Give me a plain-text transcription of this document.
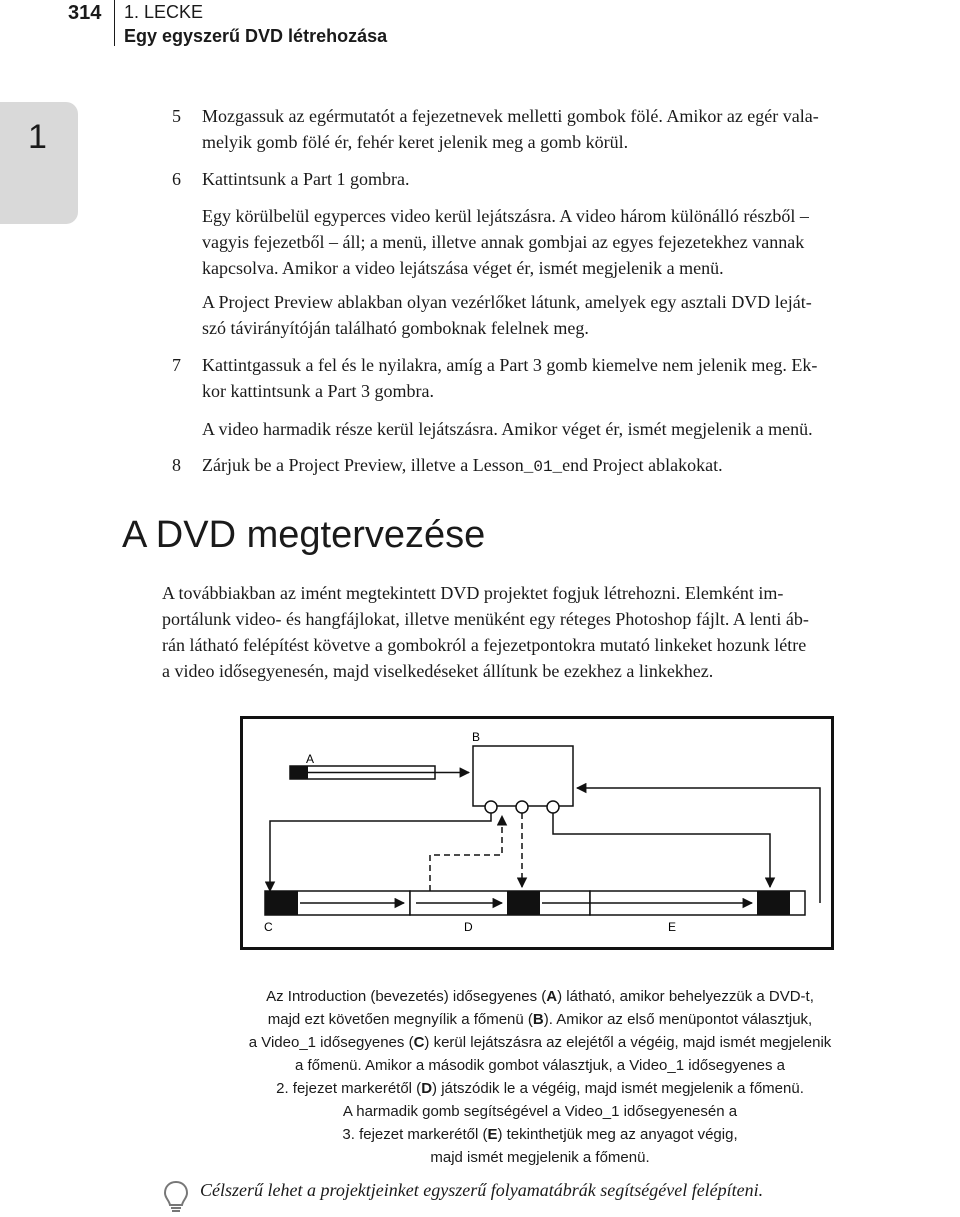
314 1. LECKE
Egy egyszerű DVD létrehozása
1
5 Mozgassuk az egérmutatót a fejezetnevek melletti gombok fölé. Amikor az egér vala-
melyik gomb fölé ér, fehér keret jelenik meg a gomb körül.
6 Kattintsunk a Part 1 gombra.
Egy körülbelül egyperces video kerül lejátszásra. A video három különálló részből –
vagyis fejezetből – áll; a menü, illetve annak gombjai az egyes fejezetekhez vannak
kapcsolva. Amikor a video lejátszása véget ér, ismét megjelenik a menü.
A Project Preview ablakban olyan vezérlőket látunk, amelyek egy asztali DVD leját-
szó távirányítóján található gomboknak felelnek meg.
7 Kattintgassuk a fel és le nyilakra, amíg a Part 3 gomb kiemelve nem jelenik meg. Ek-
kor kattintsunk a Part 3 gombra.
A video harmadik része kerül lejátszásra. Amikor véget ér, ismét megjelenik a menü.
8 Zárjuk be a Project Preview, illetve a Lesson_01_end Project ablakokat.
A DVD megtervezése
A továbbiakban az imént megtekintett DVD projektet fogjuk létrehozni. Elemként im-
portálunk video- és hangfájlokat, illetve menüként egy réteges Photoshop fájlt. A lenti áb-
rán látható felépítést követve a gombokról a fejezetpontokra mutató linkeket hozunk létre
a video idősegyenesén, majd viselkedéseket állítunk be ezekhez a linkekhez.
A
B
C	D	E
Az Introduction (bevezetés) idősegyenes (A) látható, amikor behelyezzük a DVD-t,
majd ezt követően megnyílik a főmenü (B). Amikor az első menüpontot választjuk,
a Video_1 idősegyenes (C) kerül lejátszásra az elejétől a végéig, majd ismét megjelenik
a főmenü. Amikor a második gombot választjuk, a Video_1 idősegyenes a
2. fejezet markerétől (D) játszódik le a végéig, majd ismét megjelenik a főmenü.
A harmadik gomb segítségével a Video_1 idősegyenesén a
3. fejezet markerétől (E) tekinthetjük meg az anyagot végig,
majd ismét megjelenik a főmenü.
Célszerű lehet a projektjeinket egyszerű folyamatábrák segítségével felépíteni.
